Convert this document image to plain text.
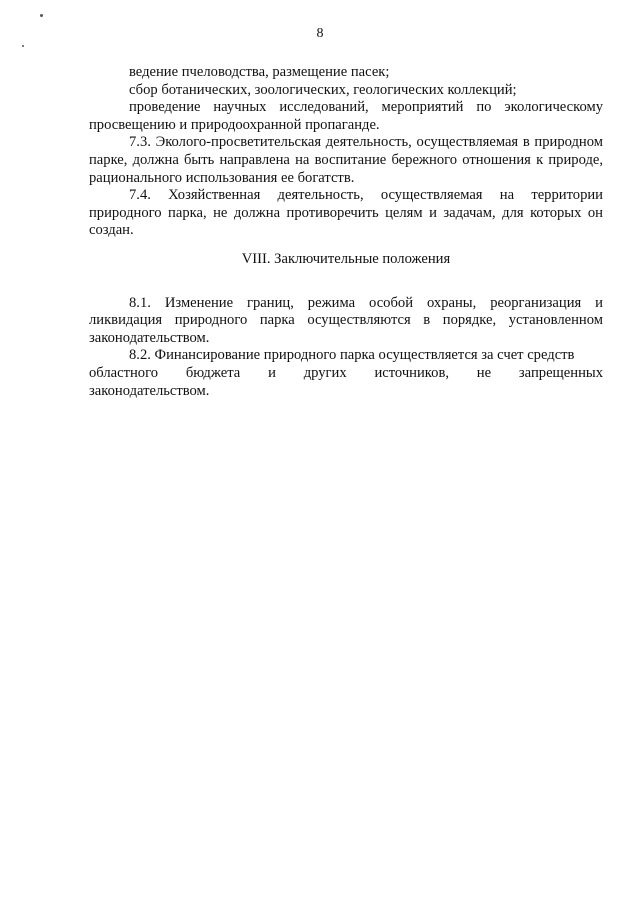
8

ведение пчеловодства, размещение пасек;

сбор ботанических, зоологических, геологических коллекций;

проведение научных исследований, мероприятий по экологическому просвещению и природоохранной пропаганде.

7.3. Эколого-просветительская деятельность, осуществляемая в природном парке, должна быть направлена на воспитание бережного отношения к природе, рационального использования ее богатств.

7.4. Хозяйственная деятельность, осуществляемая на территории природного парка, не должна противоречить целям и задачам, для которых он создан.

VIII. Заключительные положения

8.1. Изменение границ, режима особой охраны, реорганизация и ликвидация природного парка осуществляются в порядке, установленном законодательством.

8.2. Финансирование природного парка осуществляется за счет средств

областного бюджета и других источников, не запрещенных

законодательством.
